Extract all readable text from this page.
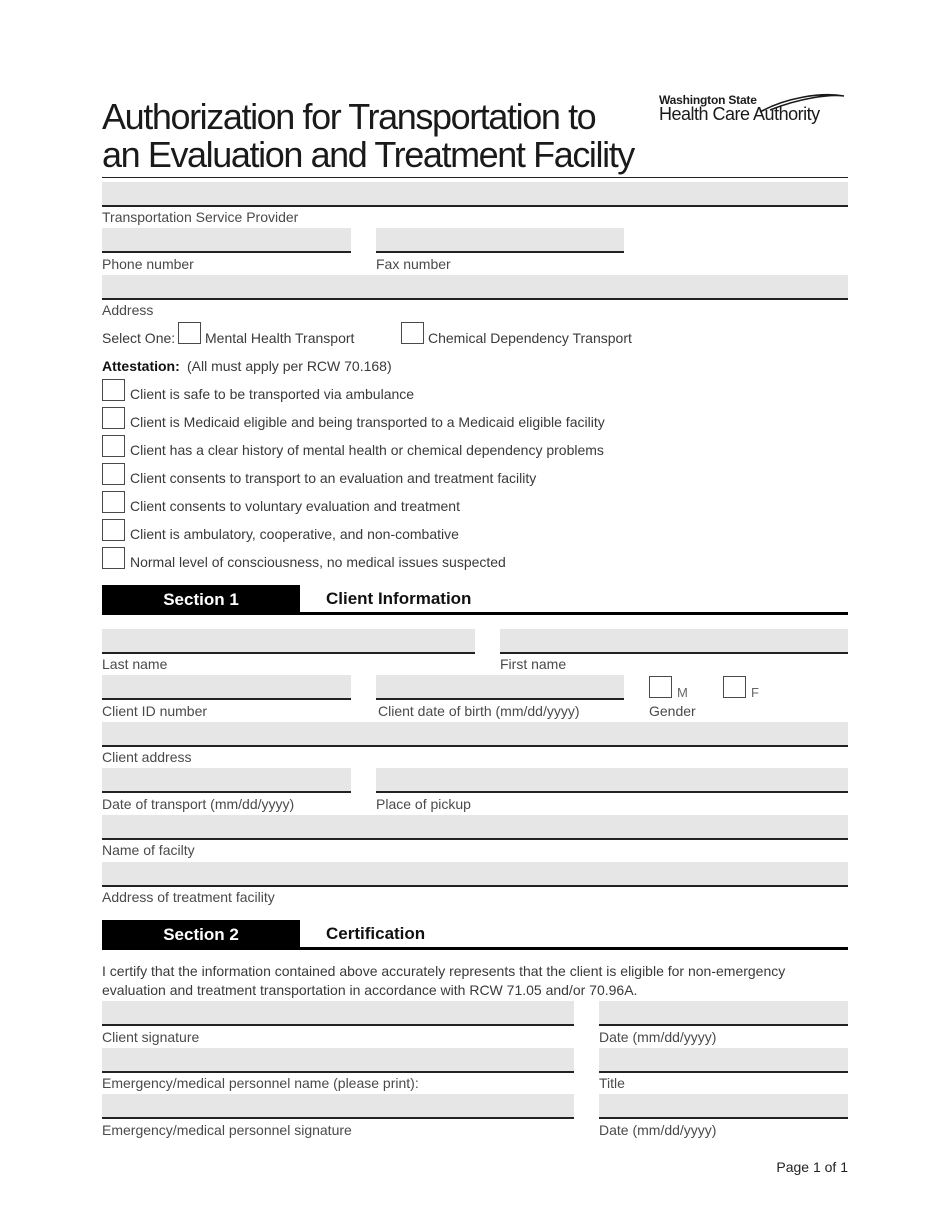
Authorization for Transportation to
an Evaluation and Treatment Facility
Washington State
Health Care Authority
Transportation Service Provider
Phone number	Fax number
Address
Select One: Mental Health Transport	Chemical Dependency Transport
Attestation: (All must apply per RCW 70.168)
Client is safe to be transported via ambulance
Client is Medicaid eligible and being transported to a Medicaid eligible facility
Client has a clear history of mental health or chemical dependency problems
Client consents to transport to an evaluation and treatment facility
Client consents to voluntary evaluation and treatment
Client is ambulatory, cooperative, and non-combative
Normal level of consciousness, no medical issues suspected
Section 1	Client Information
Last name	First name
M	F
Client ID number	Client date of birth (mm/dd/yyyy)	Gender
Client address
Date of transport (mm/dd/yyyy)	Place of pickup
Name of facilty
Address of treatment facility
Section 2	Certification
I certify that the information contained above accurately represents that the client is eligible for non-emergency evaluation and treatment transportation in accordance with RCW 71.05 and/or 70.96A.
Client signature	Date (mm/dd/yyyy)
Emergency/medical personnel name (please print):	Title
Emergency/medical personnel signature	Date (mm/dd/yyyy)
Page 1 of 1
